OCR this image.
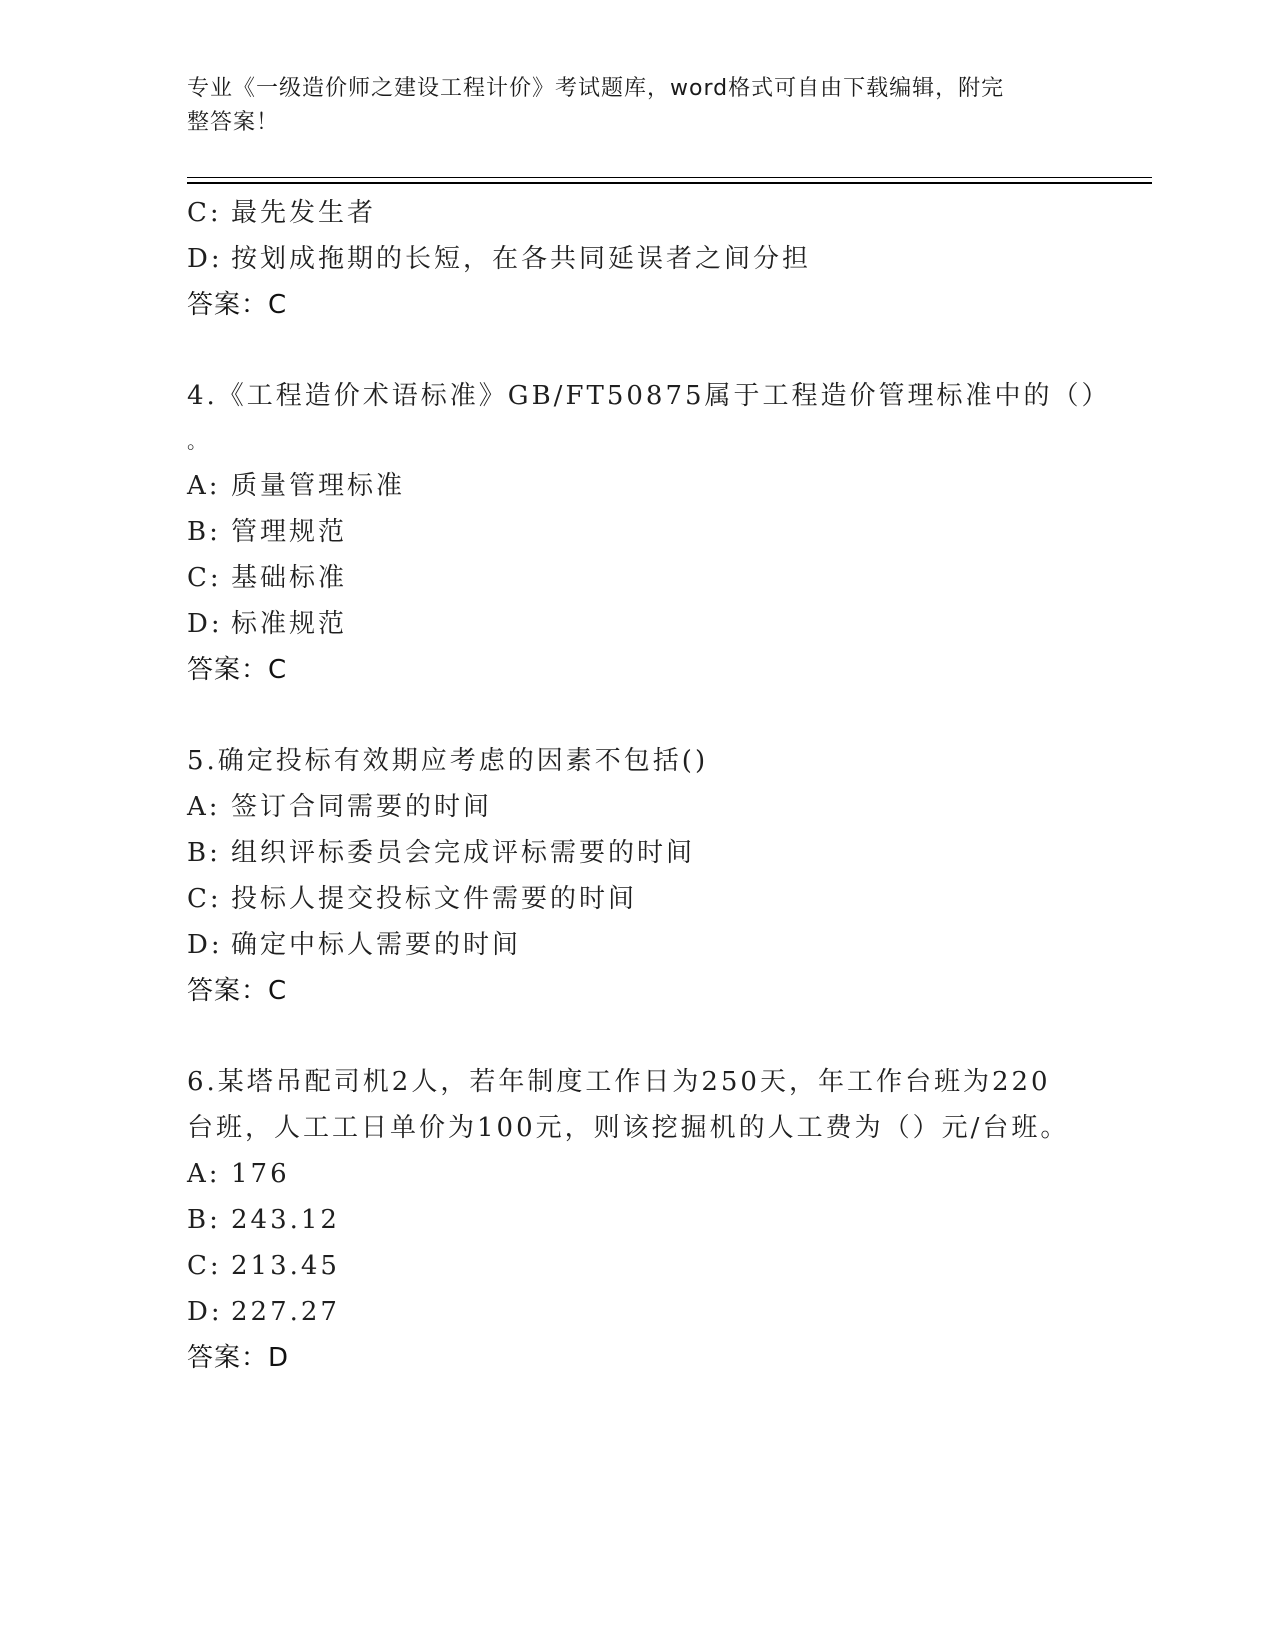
专业《一级造价师之建设工程计价》考试题库，word格式可自由下载编辑，附完
整答案！
C: 最先发生者
D: 按划成拖期的长短，在各共同延误者之间分担
答案：C
4.《工程造价术语标准》GB/FT50875属于工程造价管理标准中的（）
。
A: 质量管理标准
B: 管理规范
C: 基础标准
D: 标准规范
答案：C
5.确定投标有效期应考虑的因素不包括()
A: 签订合同需要的时间
B: 组织评标委员会完成评标需要的时间
C: 投标人提交投标文件需要的时间
D: 确定中标人需要的时间
答案：C
6.某塔吊配司机2人，若年制度工作日为250天，年工作台班为220
台班，人工工日单价为100元，则该挖掘机的人工费为（）元/台班。
A: 176
B: 243.12
C: 213.45
D: 227.27
答案：D
